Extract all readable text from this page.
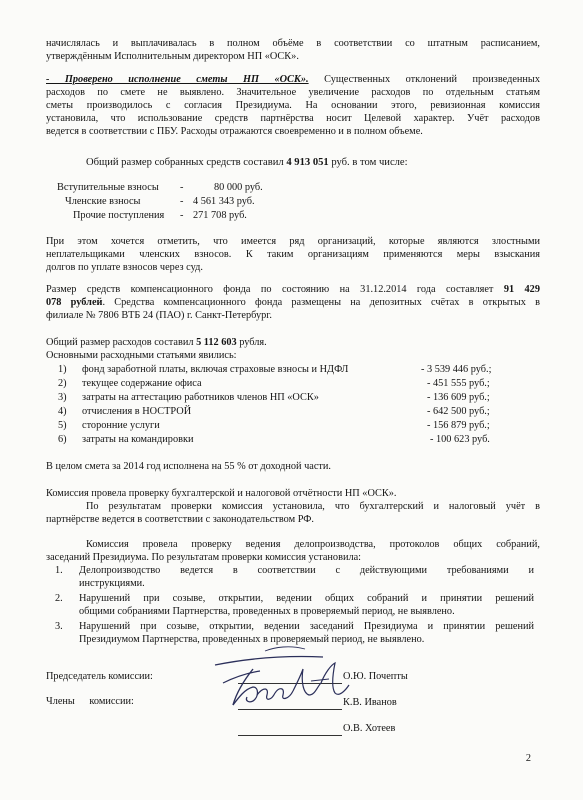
начислялась и выплачивалась в полном объёме в соответствии со штатным расписанием,
утверждённым Исполнительным директором НП «ОСК».
- Проверено исполнение сметы НП «ОСК». Существенных отклонений произведенных
расходов по смете не выявлено. Значительное увеличение расходов по отдельным статьям
сметы производилось с согласия Президиума. На основании этого, ревизионная комиссия
установила, что использование средств партнёрства носит Целевой характер. Учёт расходов
ведется в соответствии с ПБУ. Расходы отражаются своевременно и в полном объеме.
Общий размер собранных средств составил 4 913 051 руб. в том числе:
Вступительные взносы -	80 000 руб.
Членские взносы	- 4 561 343 руб.
Прочие поступления - 271 708 руб.
При этом хочется отметить, что имеется ряд организаций, которые являются злостными
неплательщиками членских взносов. К таким организациям применяются меры взыскания
долгов по уплате взносов через суд.
Размер средств компенсационного фонда по состоянию на 31.12.2014 года составляет 91 429
078 рублей. Средства компенсационного фонда размещены на депозитных счётах в открытых в
филиале № 7806 ВТБ 24 (ПАО) г. Санкт-Петербург.
Общий размер расходов составил 5 112 603 рубля.
Основными расходными статьями явились:
1) фонд заработной платы, включая страховые взносы и НДФЛ	- 3 539 446 руб.;
2) текущее содержание офиса	- 451 555 руб.;
3) затраты на аттестацию работников членов НП «ОСК»	- 136 609 руб.;
4) отчисления в НОСТРОЙ	- 642 500 руб.;
5) сторонние услуги	- 156 879 руб.;
6) затраты на командировки	- 100 623 руб.
В целом смета за 2014 год исполнена на 55 % от доходной части.
Комиссия провела проверку бухгалтерской и налоговой отчётности НП «ОСК».
По результатам проверки комиссия установила, что бухгалтерский и налоговый учёт в
партнёрстве ведется в соответствии с законодательством РФ.
Комиссия провела проверку ведения делопроизводства, протоколов общих собраний,
заседаний Президиума. По результатам проверки комиссия установила:
1. Делопроизводство ведется в соответствии с действующими требованиями и
инструкциями.
2. Нарушений при созыве, открытии, ведении общих собраний и принятии решений
общими собраниями Партнерства, проведенных в проверяемый период, не выявлено.
3. Нарушений при созыве, открытии, ведении заседаний Президиума и принятии решений
Президиумом Партнерства, проведенных в проверяемый период, не выявлено.
Председатель комиссии:
Члены комиссии:
О.Ю. Почепты
К.В. Иванов
О.В. Хотеев
2
